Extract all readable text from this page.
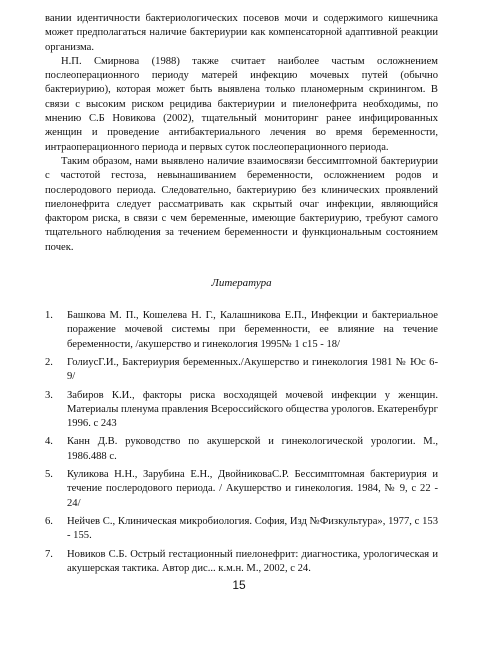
вании идентичности бактериологических посевов мочи и содержимого кишечника может предполагаться наличие бактериурии как компенсаторной адаптивной реакции организма.

Н.П. Смирнова (1988) также считает наиболее частым осложнением послеоперационного периоду матерей инфекцию мочевых путей (обычно бактериурию), которая может быть выявлена только планомерным скринингом. В связи с высоким риском рецидива бактериурии и пиелонефрита необходимы, по мнению С.Б Новикова (2002), тщательный мониторинг ранее инфицированных женщин и проведение антибактериального лечения во время беременности, интраоперационного периода и первых суток послеоперационного периода.

Таким образом, нами выявлено наличие взаимосвязи бессимптомной бактериурии с частотой гестоза, невынашиванием беременности, осложнением родов и послеродового периода. Следовательно, бактериурию без клинических проявлений пиелонефрита следует рассматривать как скрытый очаг инфекции, являющийся фактором риска, в связи с чем беременные, имеющие бактериурию, требуют самого тщательного наблюдения за течением беременности и функциональным состоянием почек.

Литература
1.	Башкова М. П., Кошелева Н. Г., Калашникова Е.П., Инфекции и бактериальное поражение мочевой системы при беременности, ее влияние на течение беременности, /акушерство и гинекология 1995№ 1 с15 - 18/
2.	ГолиусГ.И., Бактериурия беременных./Акушерство и гинекология 1981 № Юс 6-9/
3.	Забиров К.И., факторы риска восходящей мочевой инфекции у женщин. Материалы пленума правления Всероссийского общества урологов. Екатеренбург 1996. с 243
4.	Канн Д.В. руководство по акушерской и гинекологической урологии. М., 1986.488 с.
5.	Куликова Н.Н., Зарубина Е.Н., ДвойниковаС.Р. Бессимптомная бактериурия и течение послеродового периода. / Акушерство и гинекология. 1984, № 9, с 22 - 24/
6.	Нейчев С., Клиническая микробиология. София, Изд №Физкультура», 1977, с 153 - 155.
7.	Новиков С.Б. Острый гестационный пиелонефрит: диагностика, урологическая и акушерская тактика. Автор дис... к.м.н. М., 2002, с 24.
15
